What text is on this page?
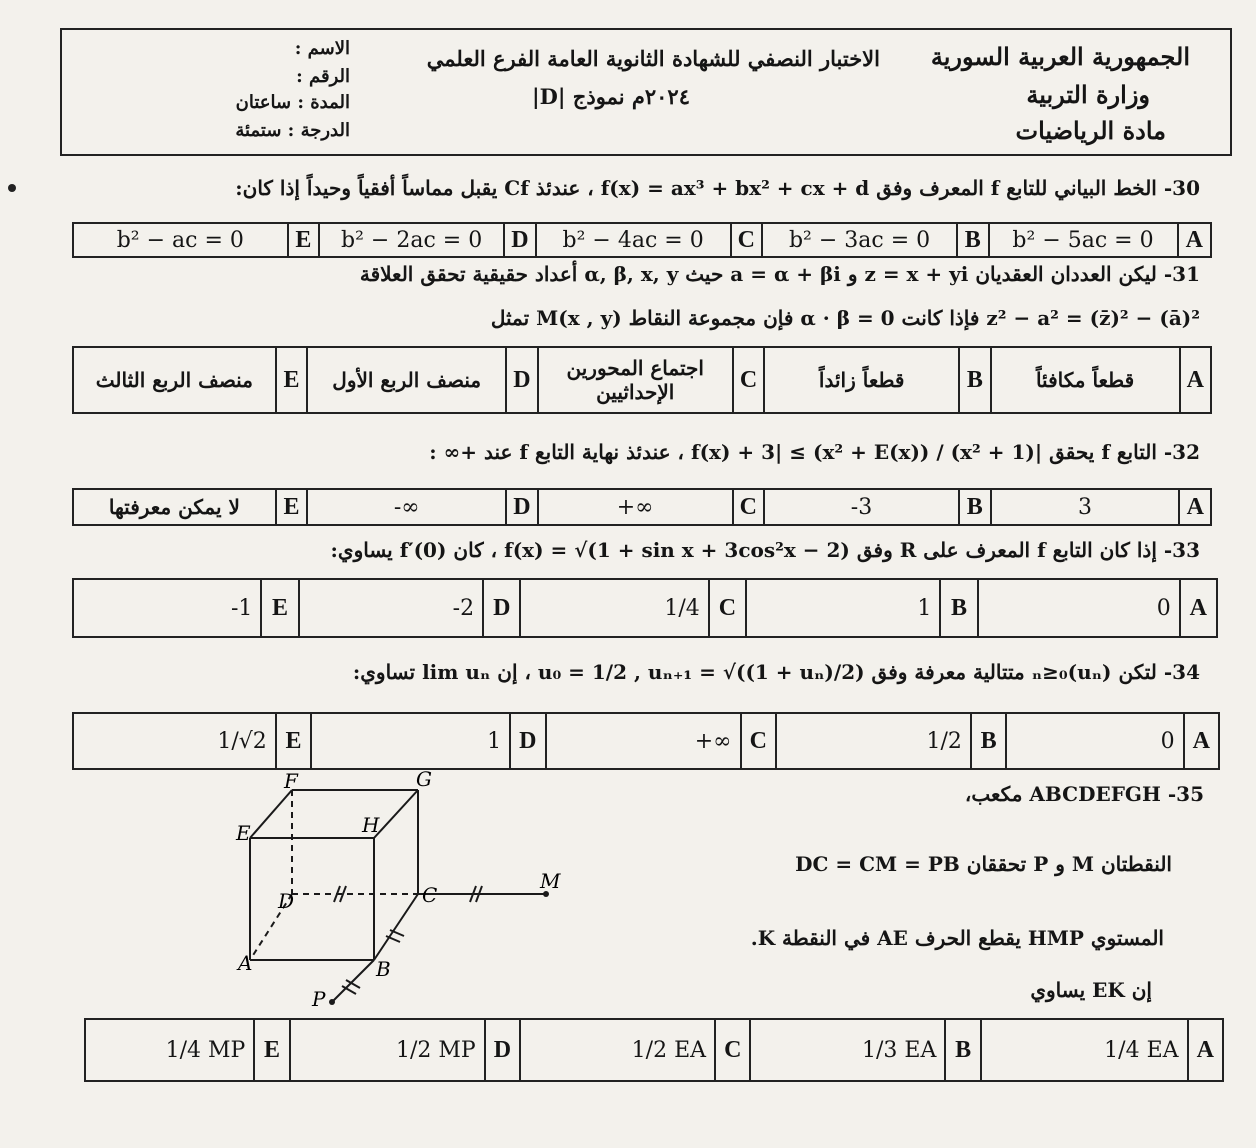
الجمهورية العربية السورية
وزارة التربية
مادة الرياضيات
الاختبار النصفي للشهادة الثانوية العامة الفرع العلمي
٢٠٢٤م نموذج |D|
الاسم :
الرقم :
المدة : ساعتان
الدرجة : ستمئة
30- الخط البياني للتابع f المعرف وفق f(x) = ax³ + bx² + cx + d ، عندئذ Cf يقبل مماساً أفقياً وحيداً إذا كان:
b² − ac = 0	E	b² − 2ac = 0	D	b² − 4ac = 0	C	b² − 3ac = 0	B	b² − 5ac = 0	A
31- ليكن العددان العقديان z = x + yi و a = α + βi حيث α, β, x, y أعداد حقيقية تحقق العلاقة
z² − a² = (z̄)² − (ā)² فإذا كانت α · β = 0 فإن مجموعة النقاط M(x , y) تمثل
منصف الربع الثالث	E	منصف الربع الأول	D	اجتماع المحورين الإحداثيين	C	قطعاً زائداً	B	قطعاً مكافئاً	A
32- التابع f يحقق |f(x) + 3| ≤ (x² + E(x)) / (x² + 1) ، عندئذ نهاية التابع f عند +∞ :
لا يمكن معرفتها	E	-∞	D	+∞	C	-3	B	3	A
33- إذا كان التابع f المعرف على R وفق f(x) = √(1 + sin x + 3cos²x − 2) ، كان f′(0) يساوي:
-1 E	-2 D	1/4 C	1 B	0 A
34- لتكن (uₙ)ₙ≥₀ متتالية معرفة وفق u₀ = 1/2 , uₙ₊₁ = √((1 + uₙ)/2) ، إن lim uₙ تساوي:
1/√2 E	1 D	+∞ C	1/2 B	0 A
35- ABCDEFGH مكعب،
النقطتان M و P تحققان DC = CM = PB
المستوي HMP يقطع الحرف AE في النقطة K.
إن EK يساوي
F	G
E	H
D	C
M
A	B
P
1/4 MP E	1/2 MP D	1/2 EA C	1/3 EA B	1/4 EA A
